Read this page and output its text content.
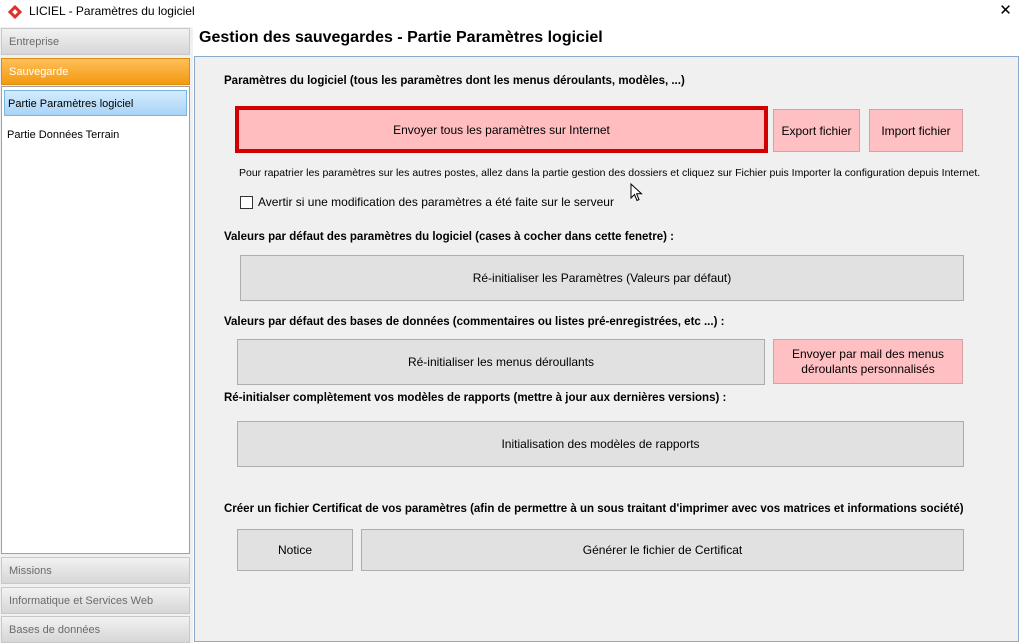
LICIEL - Paramètres du logiciel	✕
Entreprise
Sauvegarde
Partie Paramètres logiciel
Partie Données Terrain
Missions
Informatique et Services Web
Bases de données
Gestion des sauvegardes - Partie Paramètres logiciel
Paramètres du logiciel (tous les paramètres dont les menus déroulants, modèles, ...)
Envoyer tous les paramètres sur Internet	Export fichier	Import fichier
Pour rapatrier les paramètres sur les autres postes, allez dans la partie gestion des dossiers et cliquez sur Fichier puis Importer la configuration depuis Internet.
Avertir si une modification des paramètres a été faite sur le serveur
Valeurs par défaut des paramètres du logiciel (cases à cocher dans cette fenetre) :
Ré-initialiser les Paramètres (Valeurs par défaut)
Valeurs par défaut des bases de données (commentaires ou listes pré-enregistrées, etc ...) :
Ré-initialiser les menus déroullants
Envoyer par mail des menus
déroulants personnalisés
Ré-initialser complètement vos modèles de rapports (mettre à jour aux dernières versions) :
Initialisation des modèles de rapports
Créer un fichier Certificat de vos paramètres (afin de permettre à un sous traitant d'imprimer avec vos matrices et informations société)
Notice	Générer le fichier de Certificat
